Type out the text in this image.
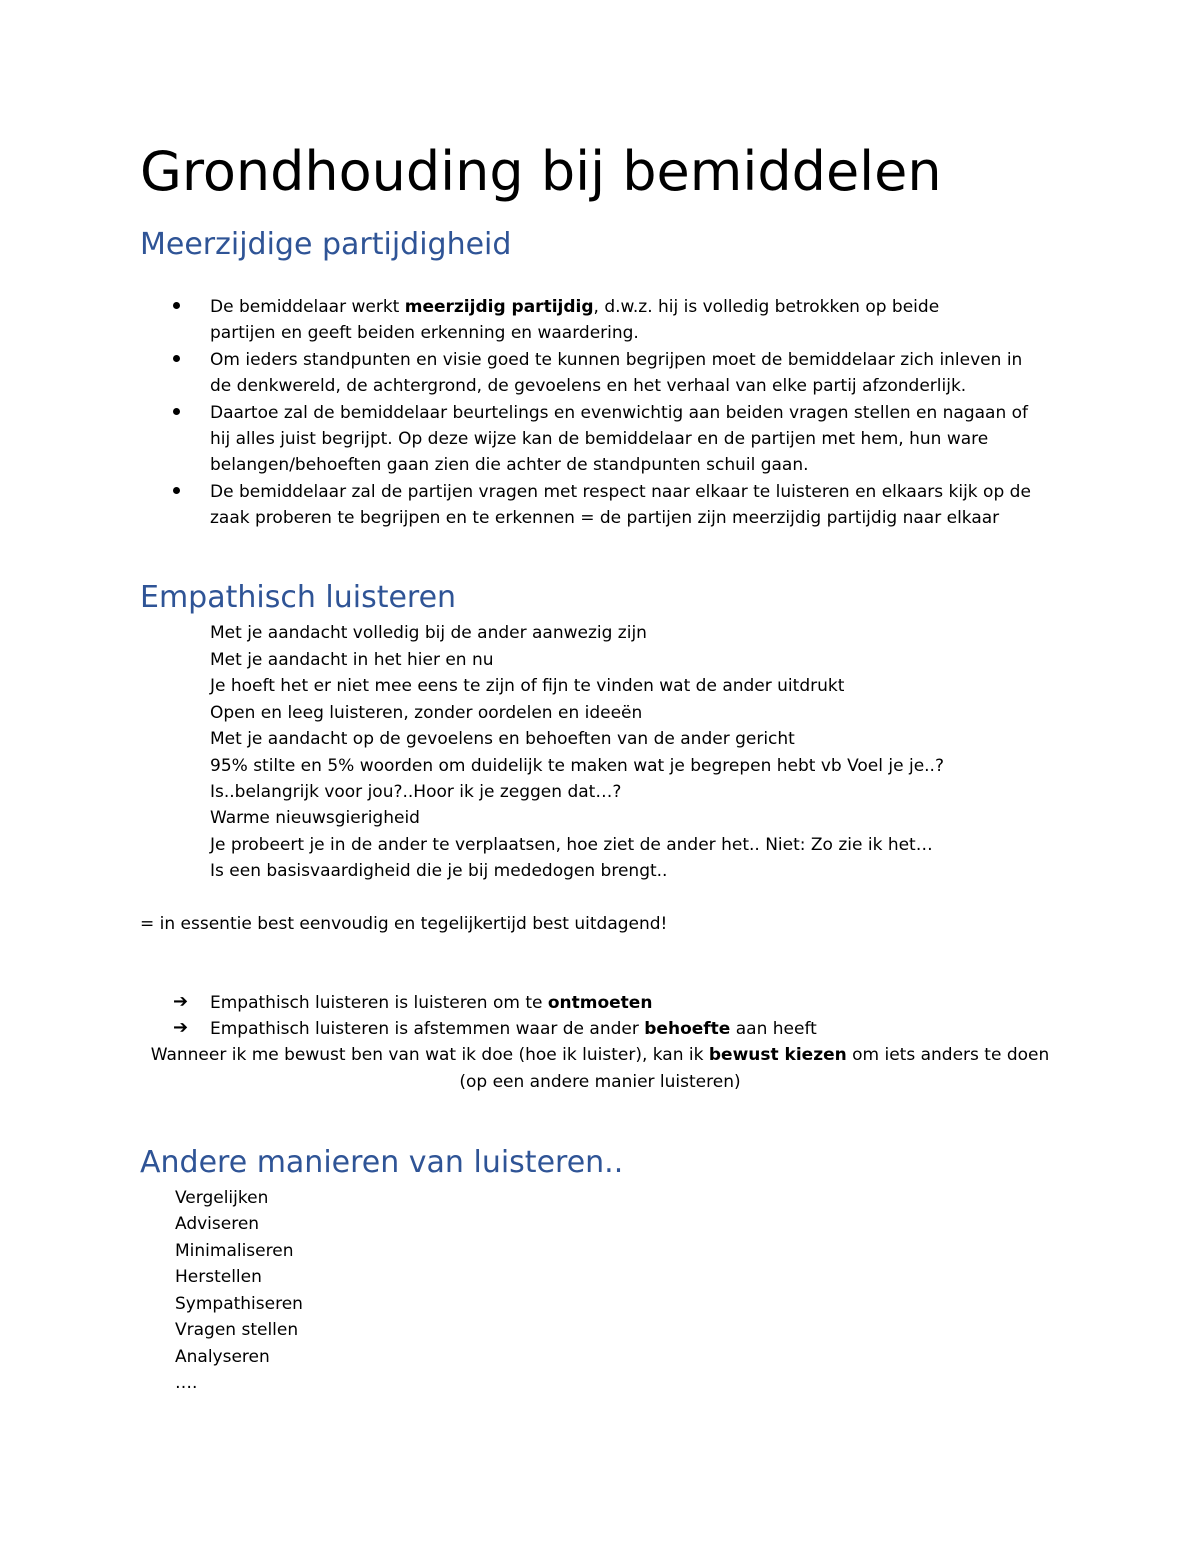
Grondhouding bij bemiddelen
Meerzijdige partijdigheid
De bemiddelaar werkt meerzijdig partijdig, d.w.z. hij is volledig betrokken op beide
partijen en geeft beiden erkenning en waardering.
Om ieders standpunten en visie goed te kunnen begrijpen moet de bemiddelaar zich inleven in
de denkwereld, de achtergrond, de gevoelens en het verhaal van elke partij afzonderlijk.
Daartoe zal de bemiddelaar beurtelings en evenwichtig aan beiden vragen stellen en nagaan of
hij alles juist begrijpt. Op deze wijze kan de bemiddelaar en de partijen met hem, hun ware
belangen/behoeften gaan zien die achter de standpunten schuil gaan.
De bemiddelaar zal de partijen vragen met respect naar elkaar te luisteren en elkaars kijk op de
zaak proberen te begrijpen en te erkennen = de partijen zijn meerzijdig partijdig naar elkaar
Empathisch luisteren
Met je aandacht volledig bij de ander aanwezig zijn
Met je aandacht in het hier en nu
Je hoeft het er niet mee eens te zijn of fijn te vinden wat de ander uitdrukt
Open en leeg luisteren, zonder oordelen en ideeën
Met je aandacht op de gevoelens en behoeften van de ander gericht
95% stilte en 5% woorden om duidelijk te maken wat je begrepen hebt vb Voel je je..?
Is..belangrijk voor jou?..Hoor ik je zeggen dat…?
Warme nieuwsgierigheid
Je probeert je in de ander te verplaatsen, hoe ziet de ander het.. Niet: Zo zie ik het…
Is een basisvaardigheid die je bij mededogen brengt..
= in essentie best eenvoudig en tegelijkertijd best uitdagend!
➔ Empathisch luisteren is luisteren om te ontmoeten
➔ Empathisch luisteren is afstemmen waar de ander behoefte aan heeft
Wanneer ik me bewust ben van wat ik doe (hoe ik luister), kan ik bewust kiezen om iets anders te doen
(op een andere manier luisteren)
Andere manieren van luisteren..
Vergelijken
Adviseren
Minimaliseren
Herstellen
Sympathiseren
Vragen stellen
Analyseren
….
